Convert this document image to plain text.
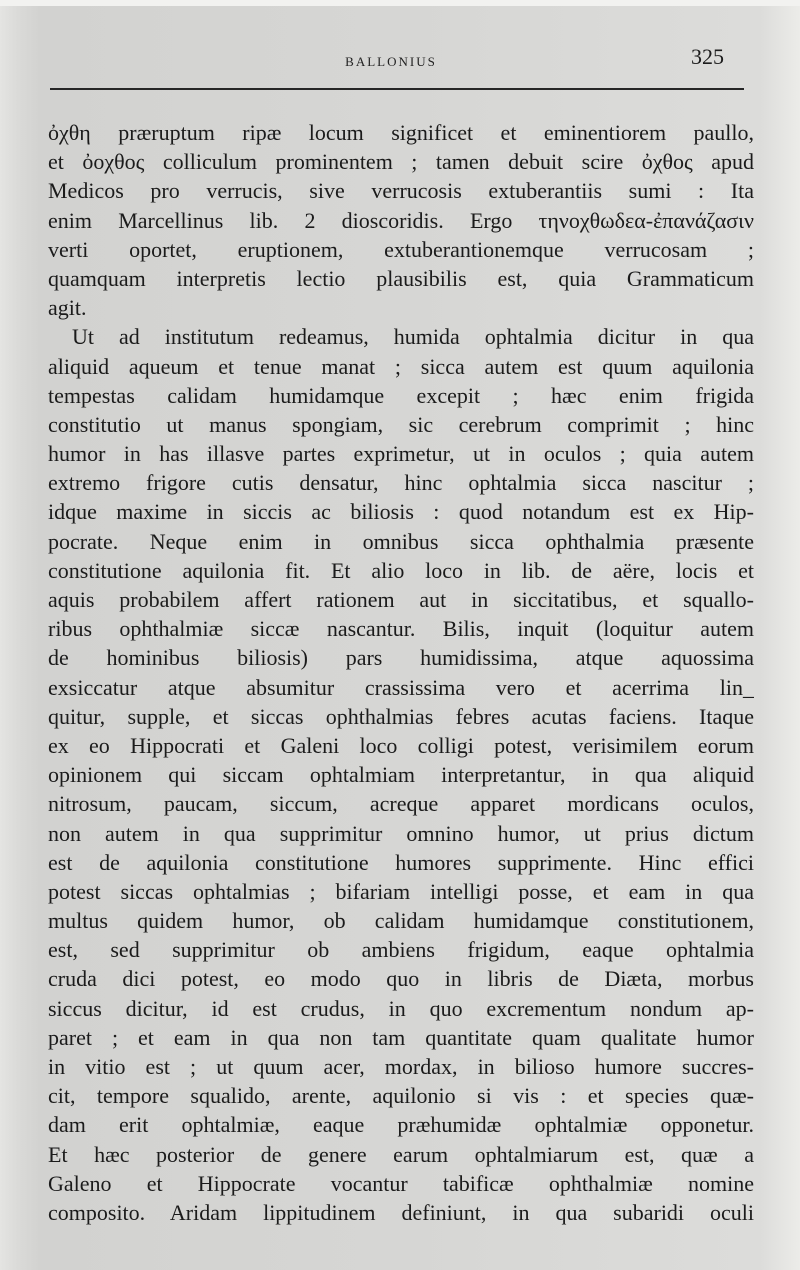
BALLONIUS	325
ὀχθη præruptum ripæ locum significet et eminentiorem paullo,
et ὀοχθος colliculum prominentem ; tamen debuit scire ὀχθος apud
Medicos pro verrucis, sive verrucosis extuberantiis sumi : Ita
enim Marcellinus lib. 2 dioscoridis. Ergo τηνοχθωδεα-ἐπανάζασιν
verti oportet, eruptionem, extuberantionemque verrucosam ;
quamquam interpretis lectio plausibilis est, quia Grammaticum
agit.
Ut ad institutum redeamus, humida ophtalmia dicitur in qua
aliquid aqueum et tenue manat ; sicca autem est quum aquilonia
tempestas calidam humidamque excepit ; hæc enim frigida
constitutio ut manus spongiam, sic cerebrum comprimit ; hinc
humor in has illasve partes exprimetur, ut in oculos ; quia autem
extremo frigore cutis densatur, hinc ophtalmia sicca nascitur ;
idque maxime in siccis ac biliosis : quod notandum est ex Hip-
pocrate. Neque enim in omnibus sicca ophthalmia præsente
constitutione aquilonia fit. Et alio loco in lib. de aëre, locis et
aquis probabilem affert rationem aut in siccitatibus, et squallo-
ribus ophthalmiæ siccæ nascantur. Bilis, inquit (loquitur autem
de hominibus biliosis) pars humidissima, atque aquossima
exsiccatur atque absumitur crassissima vero et acerrima lin_
quitur, supple, et siccas ophthalmias febres acutas faciens. Itaque
ex eo Hippocrati et Galeni loco colligi potest, verisimilem eorum
opinionem qui siccam ophtalmiam interpretantur, in qua aliquid
nitrosum, paucam, siccum, acreque apparet mordicans oculos,
non autem in qua supprimitur omnino humor, ut prius dictum
est de aquilonia constitutione humores supprimente. Hinc effici
potest siccas ophtalmias ; bifariam intelligi posse, et eam in qua
multus quidem humor, ob calidam humidamque constitutionem,
est, sed supprimitur ob ambiens frigidum, eaque ophtalmia
cruda dici potest, eo modo quo in libris de Diæta, morbus
siccus dicitur, id est crudus, in quo excrementum nondum ap-
paret ; et eam in qua non tam quantitate quam qualitate humor
in vitio est ; ut quum acer, mordax, in bilioso humore succres-
cit, tempore squalido, arente, aquilonio si vis : et species quæ-
dam erit ophtalmiæ, eaque præhumidæ ophtalmiæ opponetur.
Et hæc posterior de genere earum ophtalmiarum est, quæ a
Galeno et Hippocrate vocantur tabificæ ophthalmiæ nomine
composito. Aridam lippitudinem definiunt, in qua subaridi oculi
